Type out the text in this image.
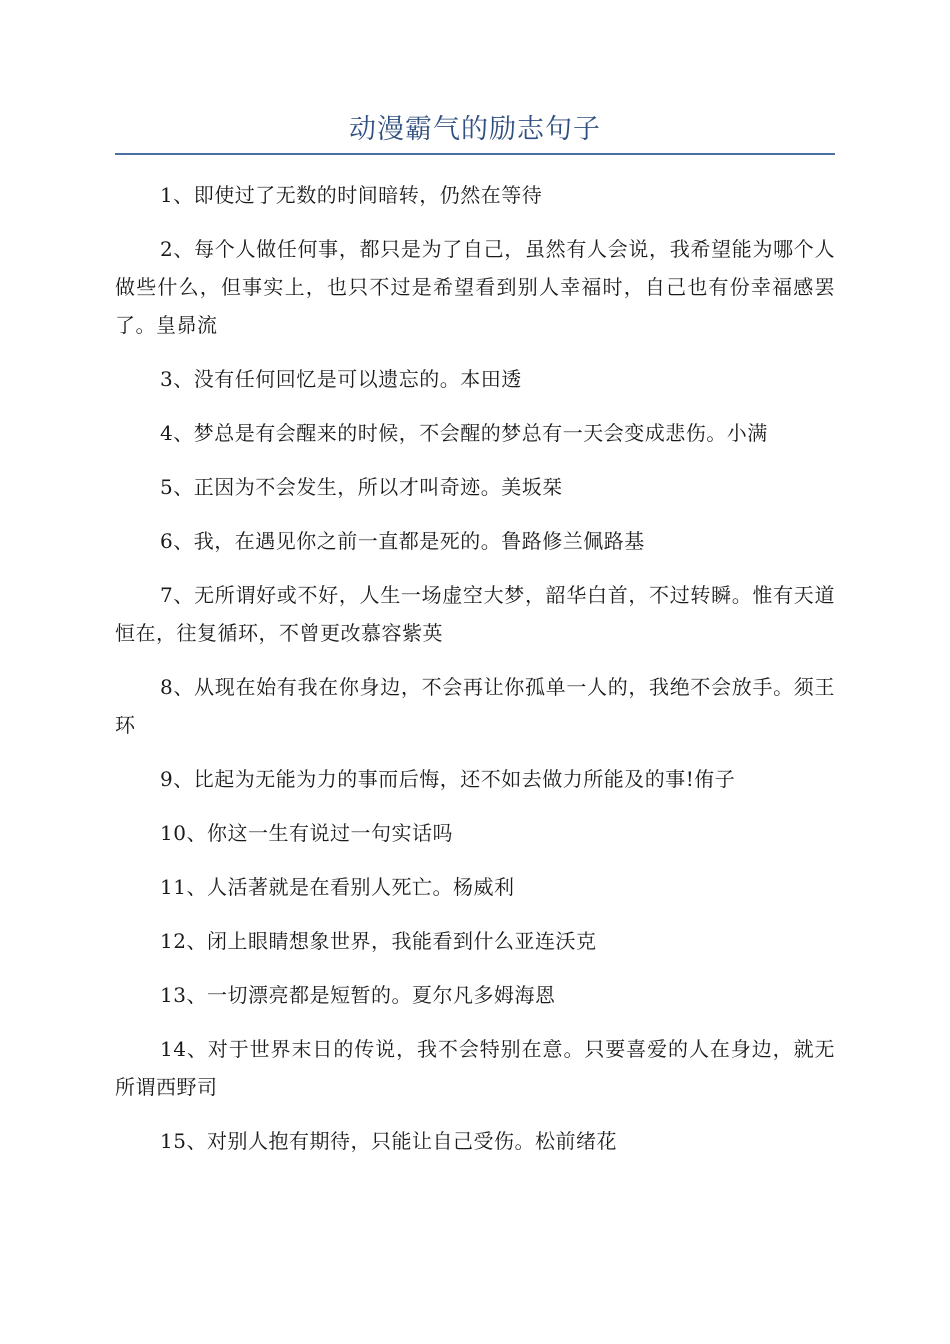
动漫霸气的励志句子

1、即使过了无数的时间暗转，仍然在等待

2、每个人做任何事，都只是为了自己，虽然有人会说，我希望能为哪个人做些什么，但事实上，也只不过是希望看到别人幸福时，自己也有份幸福感罢了。皇昴流

3、没有任何回忆是可以遗忘的。本田透

4、梦总是有会醒来的时候，不会醒的梦总有一天会变成悲伤。小满

5、正因为不会发生，所以才叫奇迹。美坂栞

6、我，在遇见你之前一直都是死的。鲁路修兰佩路基

7、无所谓好或不好，人生一场虚空大梦，韶华白首，不过转瞬。惟有天道恒在，往复循环，不曾更改慕容紫英

8、从现在始有我在你身边，不会再让你孤单一人的，我绝不会放手。须王环

9、比起为无能为力的事而后悔，还不如去做力所能及的事!侑子

10、你这一生有说过一句实话吗

11、人活著就是在看别人死亡。杨威利

12、闭上眼睛想象世界，我能看到什么亚连沃克

13、一切漂亮都是短暂的。夏尔凡多姆海恩

14、对于世界末日的传说，我不会特别在意。只要喜爱的人在身边，就无所谓西野司

15、对别人抱有期待，只能让自己受伤。松前绪花
